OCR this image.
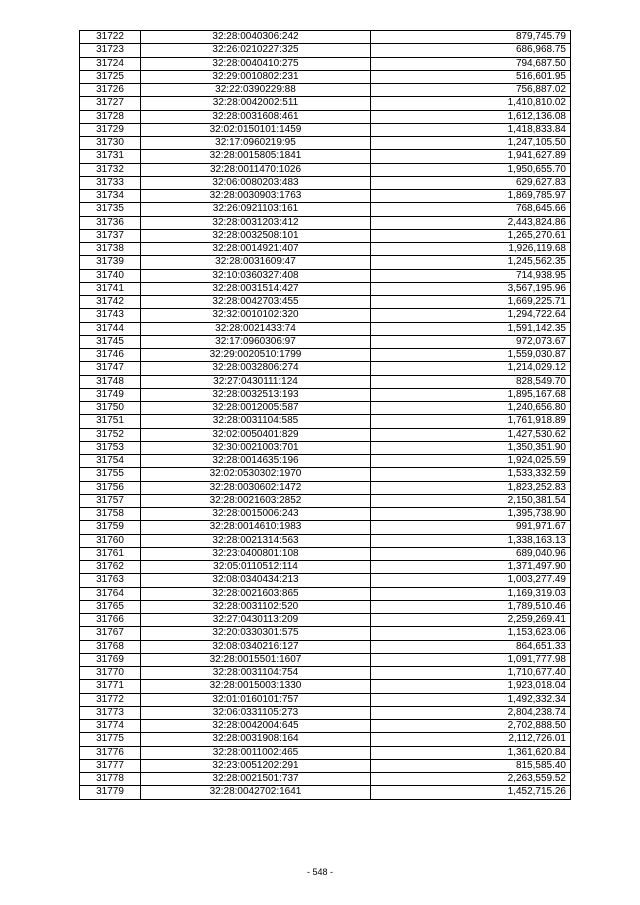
31722	32:28:0040306:242	879,745.79
31723	32:26:0210227:325	686,968.75
31724	32:28:0040410:275	794,687.50
31725	32:29:0010802:231	516,601.95
31726	32:22:0390229:88	756,887.02
31727	32:28:0042002:511	1,410,810.02
31728	32:28:0031608:461	1,612,136.08
31729	32:02:0150101:1459	1,418,833.84
31730	32:17:0960219:95	1,247,105.50
31731	32:28:0015805:1841	1,941,627.89
31732	32:28:0011470:1026	1,950,655.70
31733	32:06:0080203:483	629,627.83
31734	32:28:0030903:1763	1,869,785.97
31735	32:26:0921103:161	768,645.66
31736	32:28:0031203:412	2,443,824.86
31737	32:28:0032508:101	1,265,270.61
31738	32:28:0014921:407	1,926,119.68
31739	32:28:0031609:47	1,245,562.35
31740	32:10:0360327:408	714,938.95
31741	32:28:0031514:427	3,567,195.96
31742	32:28:0042703:455	1,669,225.71
31743	32:32:0010102:320	1,294,722.64
31744	32:28:0021433:74	1,591,142.35
31745	32:17:0960306:97	972,073.67
31746	32:29:0020510:1799	1,559,030.87
31747	32:28:0032806:274	1,214,029.12
31748	32:27:0430111:124	828,549.70
31749	32:28:0032513:193	1,895,167.68
31750	32:28:0012005:587	1,240,656.80
31751	32:28:0031104:585	1,761,918.89
31752	32:02:0050401:829	1,427,530.62
31753	32:30:0021003:701	1,350,351.90
31754	32:28:0014635:196	1,924,025.59
31755	32:02:0530302:1970	1,533,332.59
31756	32:28:0030602:1472	1,823,252.83
31757	32:28:0021603:2852	2,150,381.54
31758	32:28:0015006:243	1,395,738.90
31759	32:28:0014610:1983	991,971.67
31760	32:28:0021314:563	1,338,163.13
31761	32:23:0400801:108	689,040.96
31762	32:05:0110512:114	1,371,497.90
31763	32:08:0340434:213	1,003,277.49
31764	32:28:0021603:865	1,169,319.03
31765	32:28:0031102:520	1,789,510.46
31766	32:27:0430113:209	2,259,269.41
31767	32:20:0330301:575	1,153,623.06
31768	32:08:0340216:127	864,651.33
31769	32:28:0015501:1607	1,091,777.98
31770	32:28:0031104:754	1,710,677.40
31771	32:28:0015003:1330	1,923,018.04
31772	32:01:0160101:757	1,492,332.34
31773	32:06:0331105:273	2,804,238.74
31774	32:28:0042004:645	2,702,888.50
31775	32:28:0031908:164	2,112,726.01
31776	32:28:0011002:465	1,361,620.84
31777	32:23:0051202:291	815,585.40
31778	32:28:0021501:737	2,263,559.52
31779	32:28:0042702:1641	1,452,715.26
- 548 -
